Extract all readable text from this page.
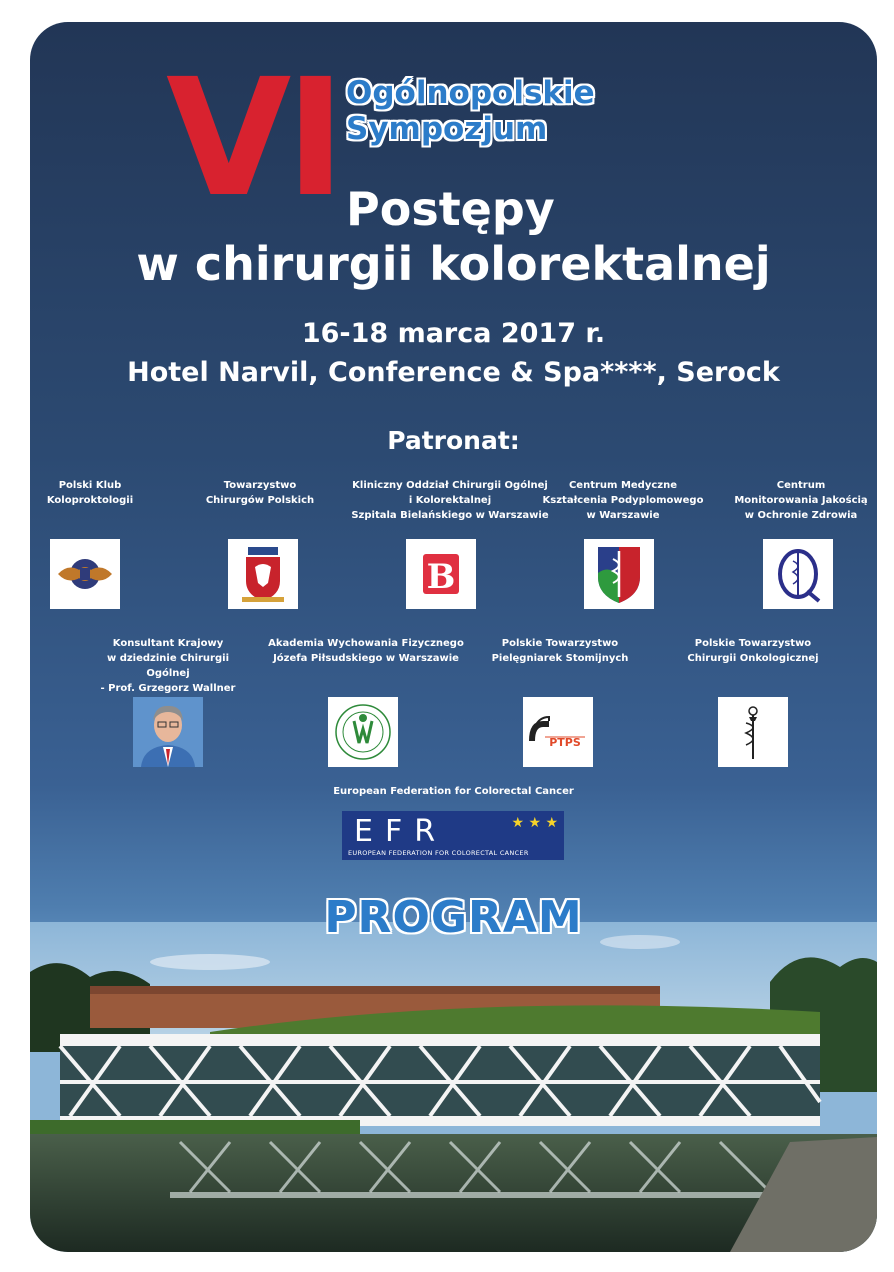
VI Ogólnopolskie
Sympozjum
Postępy
w chirurgii kolorektalnej
16-18 marca 2017 r.
Hotel Narvil, Conference & Spa****, Serock
Patronat:
Polski Klub
Koloproktologii
Towarzystwo
Chirurgów Polskich
Kliniczny Oddział Chirurgii Ogólnej
i Kolorektalnej
Szpitala Bielańskiego w Warszawie
B
Centrum Medyczne
Kształcenia Podyplomowego
w Warszawie
Centrum
Monitorowania Jakością
w Ochronie Zdrowia
Konsultant Krajowy
w dziedzinie Chirurgii Ogólnej
- Prof. Grzegorz Wallner
Akademia Wychowania Fizycznego
Józefa Piłsudskiego w Warszawie
Polskie Towarzystwo
Pielęgniarek Stomijnych
PTPS
Polskie Towarzystwo
Chirurgii Onkologicznej
European Federation for Colorectal Cancer
EFR	★ ★ ★
EUROPEAN FEDERATION FOR COLORECTAL CANCER
PROGRAM
